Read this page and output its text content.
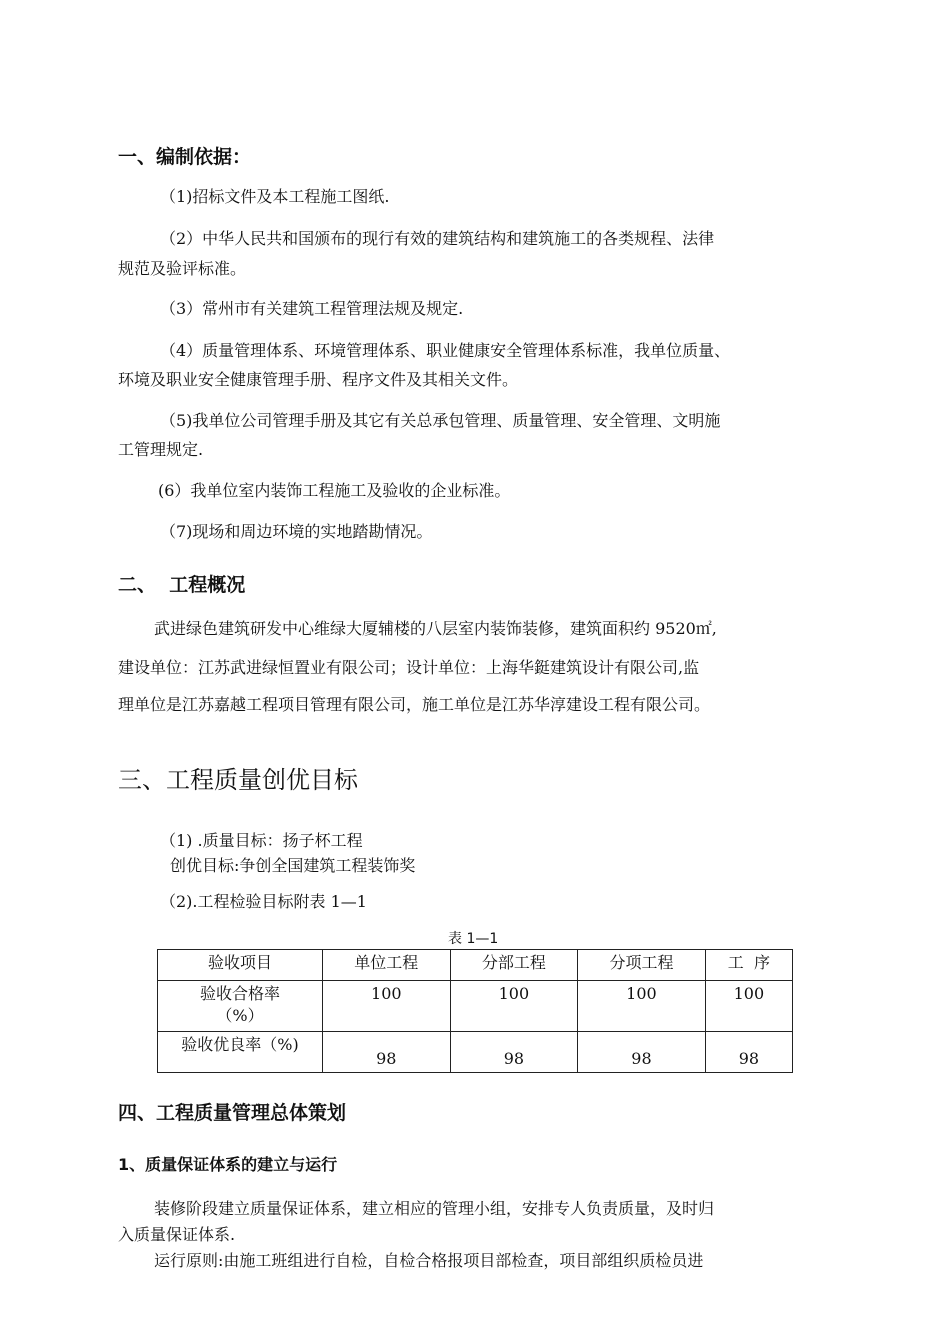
一、编制依据：
（1)招标文件及本工程施工图纸.
（2）中华人民共和国颁布的现行有效的建筑结构和建筑施工的各类规程、法律
规范及验评标准。
（3）常州市有关建筑工程管理法规及规定.
（4）质量管理体系、环境管理体系、职业健康安全管理体系标准，我单位质量、
环境及职业安全健康管理手册、程序文件及其相关文件。
（5)我单位公司管理手册及其它有关总承包管理、质量管理、安全管理、文明施
工管理规定.
(6）我单位室内装饰工程施工及验收的企业标准。
（7)现场和周边环境的实地踏勘情况。
二、  工程概况
武进绿色建筑研发中心维绿大厦辅楼的八层室内装饰装修，建筑面积约 9520㎡,
建设单位：江苏武进绿恒置业有限公司；设计单位：上海华鋌建筑设计有限公司,监
理单位是江苏嘉越工程项目管理有限公司，施工单位是江苏华淳建设工程有限公司。
三、工程质量创优目标
（1) .质量目标：扬子杯工程
创优目标:争创全国建筑工程装饰奖
（2).工程检验目标附表 1—1
表 1—1
验收项目	单位工程	分部工程	分项工程	工  序

验收合格率
（%）	100	100	100	100
验收优良率（%)	98	98	98	98
四、工程质量管理总体策划
1、质量保证体系的建立与运行
装修阶段建立质量保证体系，建立相应的管理小组，安排专人负责质量，及时归
入质量保证体系.
运行原则:由施工班组进行自检，自检合格报项目部检查，项目部组织质检员进
